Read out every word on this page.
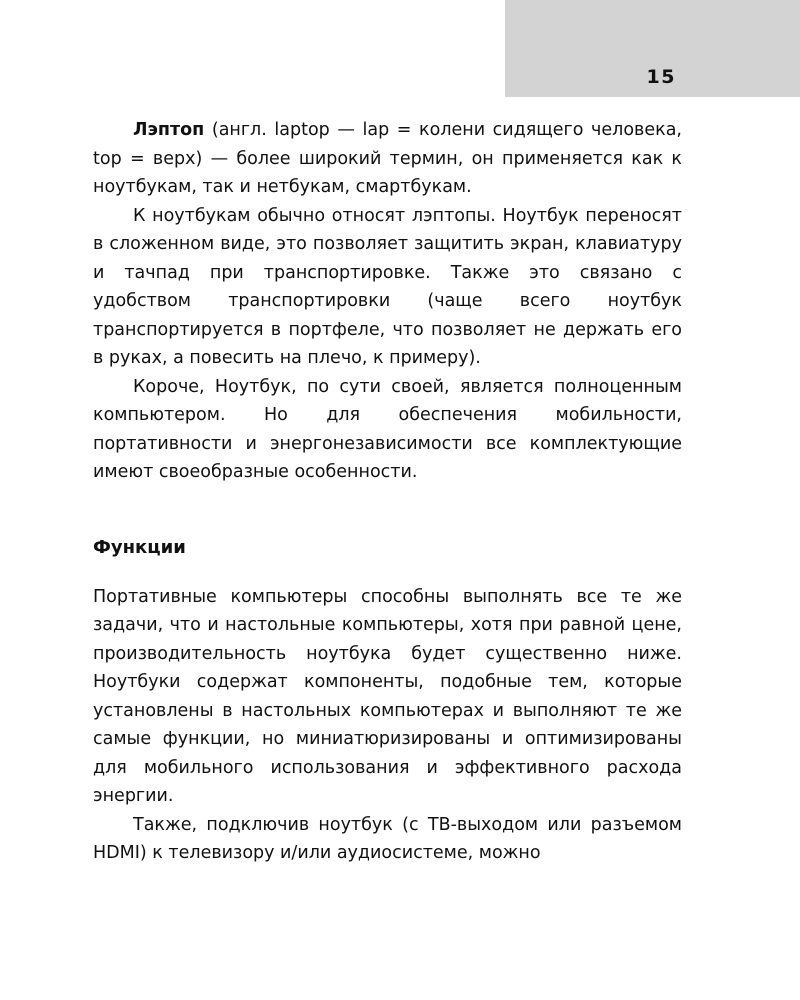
15

Лэптоп (англ. laptop — lap = колени сидящего человека, top = верх) — более широкий термин, он применяется как к ноутбукам, так и нетбукам, смартбукам.

К ноутбукам обычно относят лэптопы. Ноутбук переносят в сложенном виде, это позволяет защитить экран, клавиатуру и тачпад при транспортировке. Также это связано с удобством транспортировки (чаще всего ноутбук транспортируется в портфеле, что позволяет не держать его в руках, а повесить на плечо, к примеру).

Короче, Ноутбук, по сути своей, является полноценным компьютером. Но для обеспечения мобильности, портативности и энергонезависимости все комплектующие имеют своеобразные особенности.

Функции

Портативные компьютеры способны выполнять все те же задачи, что и настольные компьютеры, хотя при равной цене, производительность ноутбука будет существенно ниже. Ноутбуки содержат компоненты, подобные тем, которые установлены в настольных компьютерах и выполняют те же самые функции, но миниатюризированы и оптимизированы для мобильного использования и эффективного расхода энергии.

Также, подключив ноутбук (с ТВ-выходом или разъемом HDMI) к телевизору и/или аудиосистеме, можно
